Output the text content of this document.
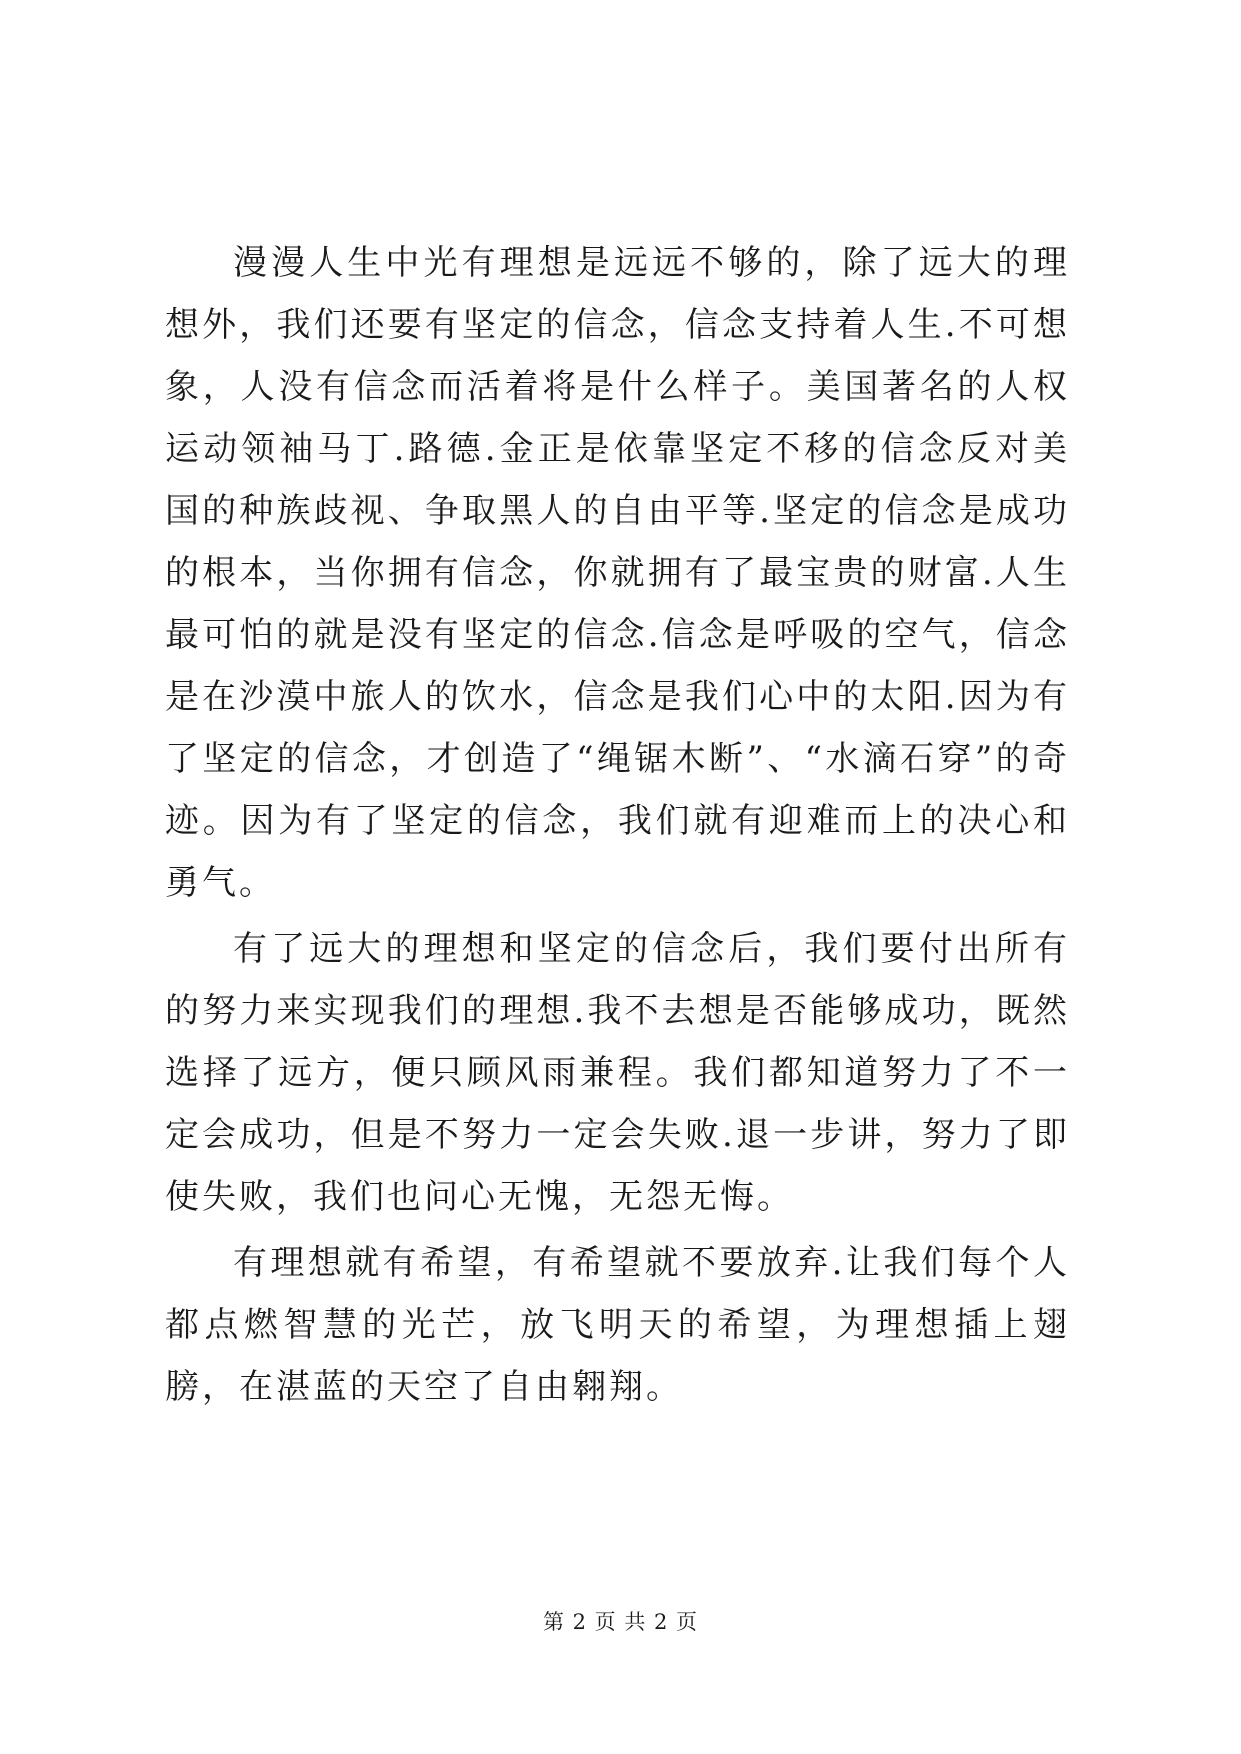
漫漫人生中光有理想是远远不够的，除了远大的理想外，我们还要有坚定的信念，信念支持着人生.不可想象，人没有信念而活着将是什么样子。美国著名的人权运动领袖马丁.路德.金正是依靠坚定不移的信念反对美国的种族歧视、争取黑人的自由平等.坚定的信念是成功的根本，当你拥有信念，你就拥有了最宝贵的财富.人生最可怕的就是没有坚定的信念.信念是呼吸的空气，信念是在沙漠中旅人的饮水，信念是我们心中的太阳.因为有了坚定的信念，才创造了“绳锯木断”、“水滴石穿”的奇迹。因为有了坚定的信念，我们就有迎难而上的决心和勇气。

有了远大的理想和坚定的信念后，我们要付出所有的努力来实现我们的理想.我不去想是否能够成功，既然选择了远方，便只顾风雨兼程。我们都知道努力了不一定会成功，但是不努力一定会失败.退一步讲，努力了即使失败，我们也问心无愧，无怨无悔。

有理想就有希望，有希望就不要放弃.让我们每个人都点燃智慧的光芒，放飞明天的希望，为理想插上翅膀，在湛蓝的天空了自由翱翔。

第 2 页 共 2 页
